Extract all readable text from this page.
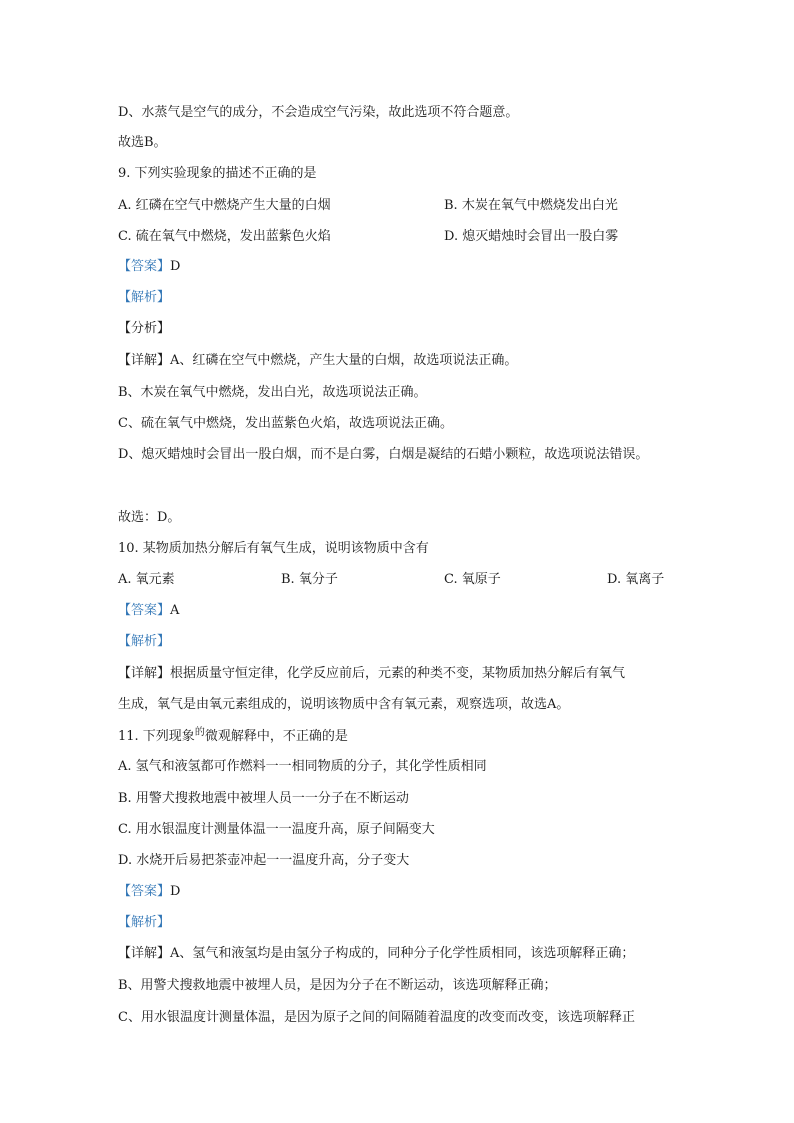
D、水蒸气是空气的成分，不会造成空气污染，故此选项不符合题意。
故选B。
9. 下列实验现象的描述不正确的是
A. 红磷在空气中燃烧产生大量的白烟	B. 木炭在氧气中燃烧发出白光
C. 硫在氧气中燃烧，发出蓝紫色火焰	D. 熄灭蜡烛时会冒出一股白雾
【答案】D
【解析】
【分析】
【详解】A、红磷在空气中燃烧，产生大量的白烟，故选项说法正确。
B、木炭在氧气中燃烧，发出白光，故选项说法正确。
C、硫在氧气中燃烧，发出蓝紫色火焰，故选项说法正确。
D、熄灭蜡烛时会冒出一股白烟，而不是白雾，白烟是凝结的石蜡小颗粒，故选项说法错误。
故选：D。
10. 某物质加热分解后有氧气生成，说明该物质中含有
A. 氧元素	B. 氧分子	C. 氧原子	D. 氧离子
【答案】A
【解析】
【详解】根据质量守恒定律，化学反应前后，元素的种类不变，某物质加热分解后有氧气
生成，氧气是由氧元素组成的，说明该物质中含有氧元素，观察选项，故选A。
11. 下列现象$^的$微观解释中，不正确的是
A. 氢气和液氢都可作燃料一一相同物质的分子，其化学性质相同
B. 用警犬搜救地震中被埋人员一一分子在不断运动
C. 用水银温度计测量体温一一温度升高，原子间隔变大
D. 水烧开后易把茶壶冲起一一温度升高，分子变大
【答案】D
【解析】
【详解】A、氢气和液氢均是由氢分子构成的，同种分子化学性质相同，该选项解释正确；
B、用警犬搜救地震中被埋人员，是因为分子在不断运动，该选项解释正确；
C、用水银温度计测量体温，是因为原子之间的间隔随着温度的改变而改变，该选项解释正
